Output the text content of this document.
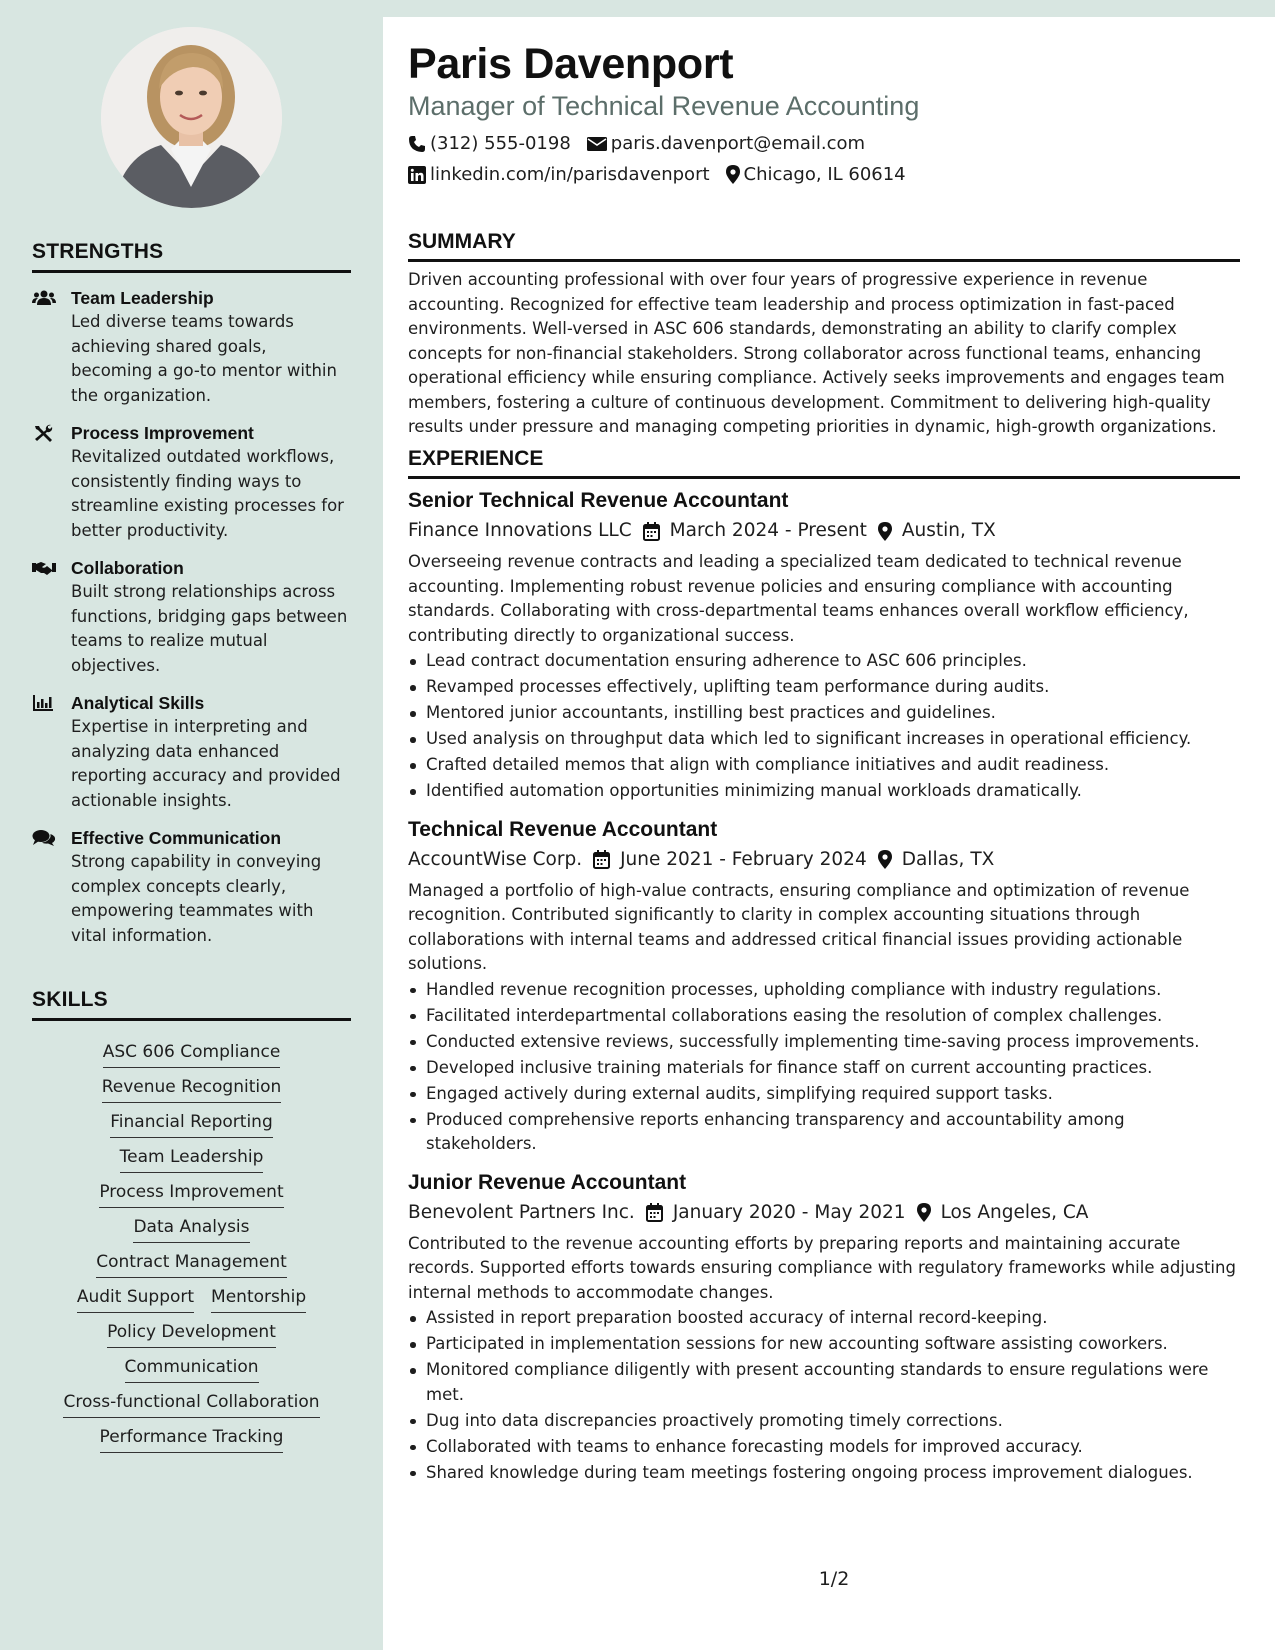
STRENGTHS
Team Leadership
Led diverse teams towards achieving shared goals, becoming a go-to mentor within the organization.
Process Improvement
Revitalized outdated workflows, consistently finding ways to streamline existing processes for better productivity.
Collaboration
Built strong relationships across functions, bridging gaps between teams to realize mutual objectives.
Analytical Skills
Expertise in interpreting and analyzing data enhanced reporting accuracy and provided actionable insights.
Effective Communication
Strong capability in conveying complex concepts clearly, empowering teammates with vital information.
SKILLS
ASC 606 Compliance
Revenue Recognition
Financial Reporting
Team Leadership
Process Improvement
Data Analysis
Contract Management
Audit Support Mentorship
Policy Development
Communication
Cross-functional Collaboration
Performance Tracking
Paris Davenport
Manager of Technical Revenue Accounting
(312) 555-0198 paris.davenport@email.com
linkedin.com/in/parisdavenport Chicago, IL 60614
SUMMARY
Driven accounting professional with over four years of progressive experience in revenue accounting. Recognized for effective team leadership and process optimization in fast-paced environments. Well-versed in ASC 606 standards, demonstrating an ability to clarify complex concepts for non-financial stakeholders. Strong collaborator across functional teams, enhancing operational efficiency while ensuring compliance. Actively seeks improvements and engages team members, fostering a culture of continuous development. Commitment to delivering high-quality results under pressure and managing competing priorities in dynamic, high-growth organizations.
EXPERIENCE
Senior Technical Revenue Accountant
Finance Innovations LLC March 2024 - Present Austin, TX
Overseeing revenue contracts and leading a specialized team dedicated to technical revenue accounting. Implementing robust revenue policies and ensuring compliance with accounting standards. Collaborating with cross-departmental teams enhances overall workflow efficiency, contributing directly to organizational success.
Lead contract documentation ensuring adherence to ASC 606 principles.
Revamped processes effectively, uplifting team performance during audits.
Mentored junior accountants, instilling best practices and guidelines.
Used analysis on throughput data which led to significant increases in operational efficiency.
Crafted detailed memos that align with compliance initiatives and audit readiness.
Identified automation opportunities minimizing manual workloads dramatically.
Technical Revenue Accountant
AccountWise Corp. June 2021 - February 2024 Dallas, TX
Managed a portfolio of high-value contracts, ensuring compliance and optimization of revenue recognition. Contributed significantly to clarity in complex accounting situations through collaborations with internal teams and addressed critical financial issues providing actionable solutions.
Handled revenue recognition processes, upholding compliance with industry regulations.
Facilitated interdepartmental collaborations easing the resolution of complex challenges.
Conducted extensive reviews, successfully implementing time-saving process improvements.
Developed inclusive training materials for finance staff on current accounting practices.
Engaged actively during external audits, simplifying required support tasks.
Produced comprehensive reports enhancing transparency and accountability among stakeholders.
Junior Revenue Accountant
Benevolent Partners Inc. January 2020 - May 2021 Los Angeles, CA
Contributed to the revenue accounting efforts by preparing reports and maintaining accurate records. Supported efforts towards ensuring compliance with regulatory frameworks while adjusting internal methods to accommodate changes.
Assisted in report preparation boosted accuracy of internal record-keeping.
Participated in implementation sessions for new accounting software assisting coworkers.
Monitored compliance diligently with present accounting standards to ensure regulations were met.
Dug into data discrepancies proactively promoting timely corrections.
Collaborated with teams to enhance forecasting models for improved accuracy.
Shared knowledge during team meetings fostering ongoing process improvement dialogues.
1/2
